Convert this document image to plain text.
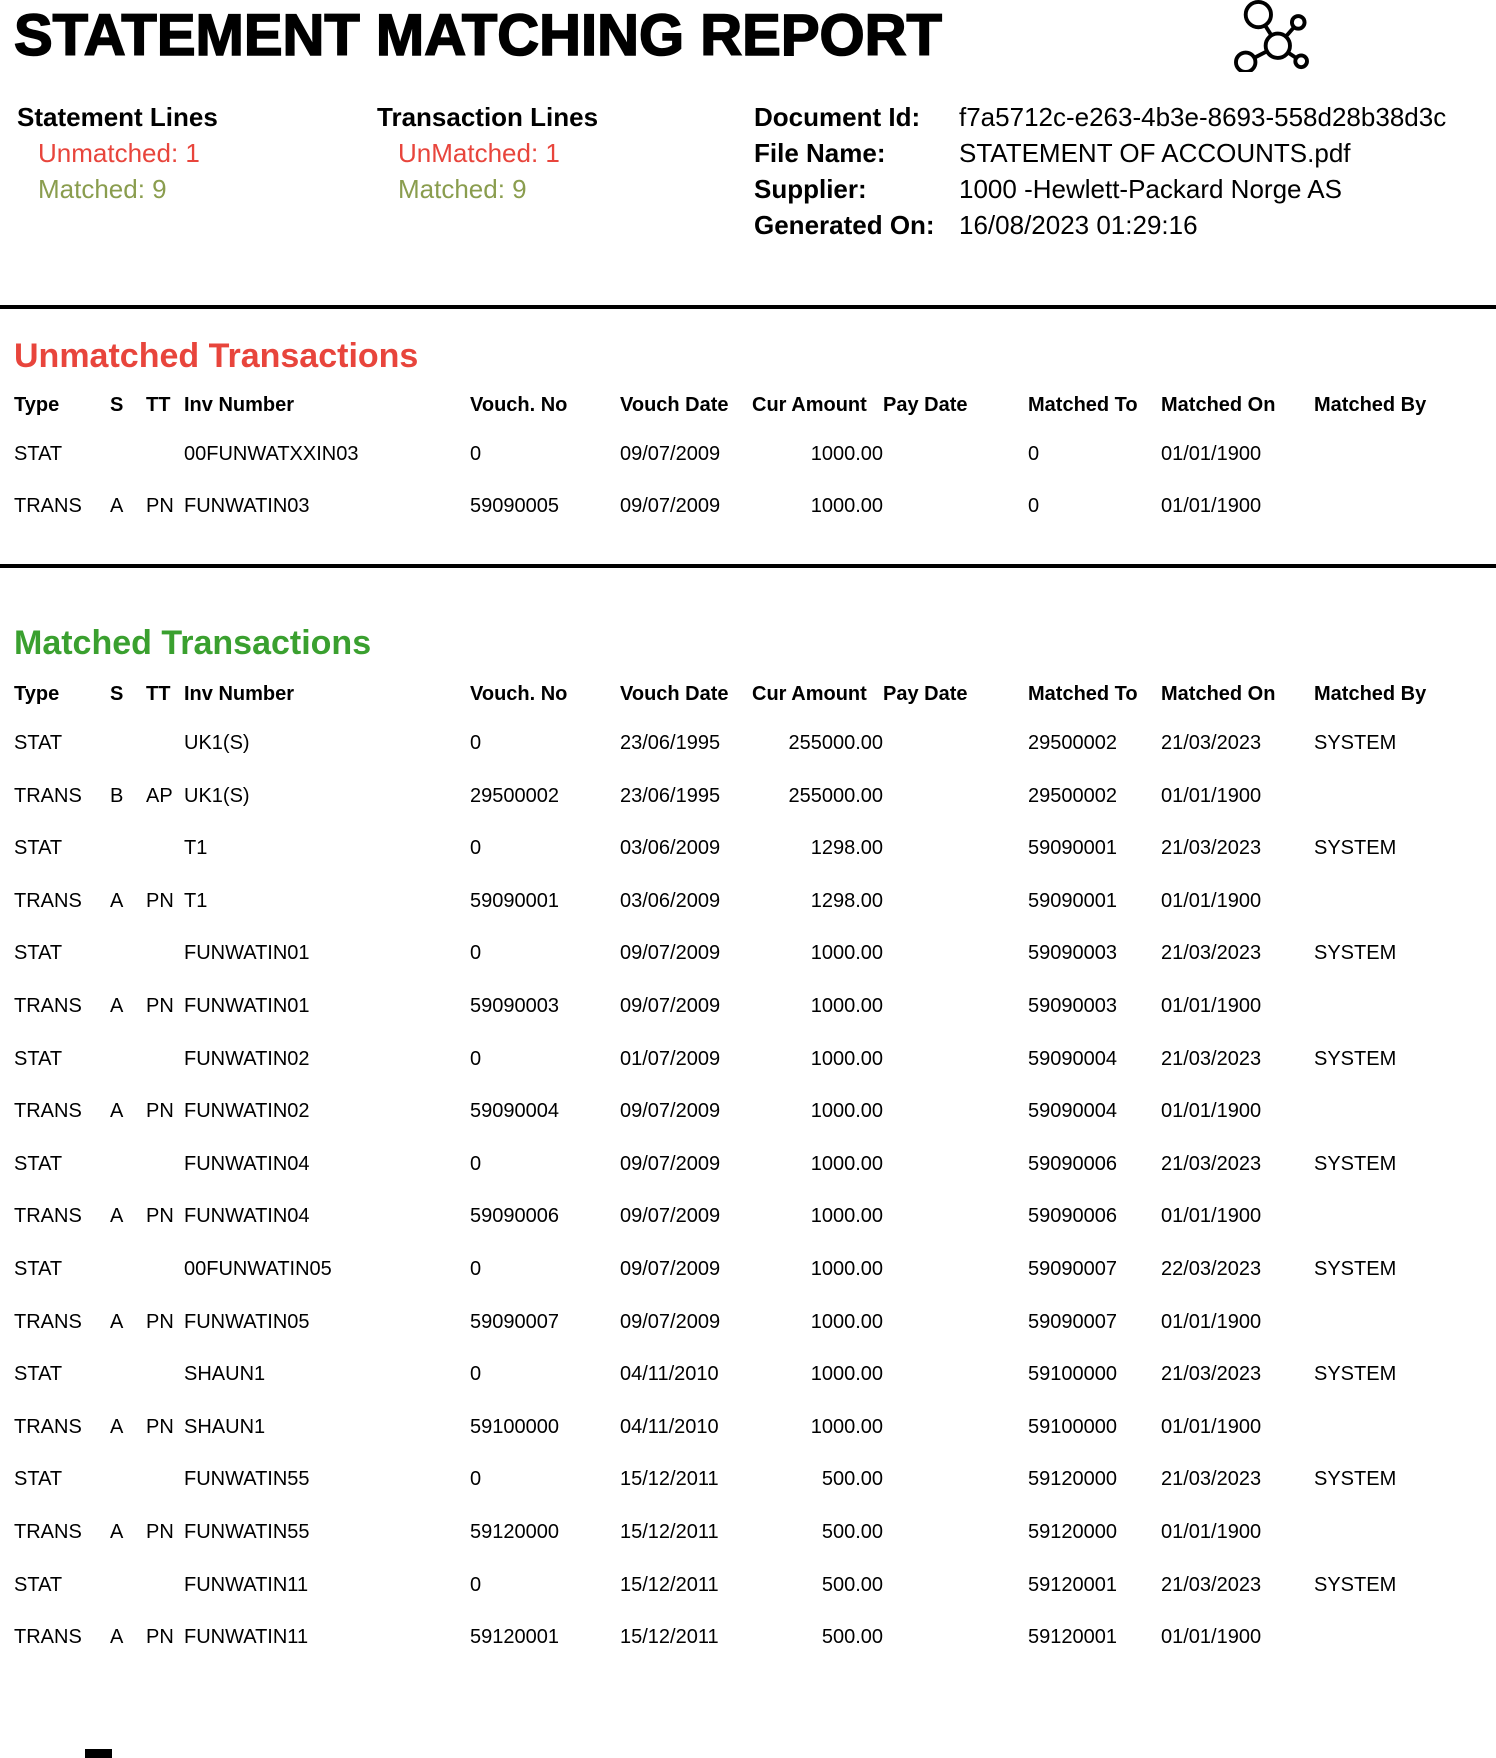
STATEMENT MATCHING REPORT
Statement Lines
Unmatched: 1
Matched: 9
Transaction Lines
UnMatched: 1
Matched: 9
Document Id:	f7a5712c-e263-4b3e-8693-558d28b38d3c
File Name:	STATEMENT OF ACCOUNTS.pdf
Supplier:	1000 -Hewlett-Packard Norge AS
Generated On: 16/08/2023 01:29:16
Unmatched Transactions
Type	S	TT	Inv Number	Vouch. No	Vouch Date	Cur Amount	Pay Date	Matched To	Matched On	Matched By
STAT			00FUNWATXXIN03	0	09/07/2009	1000.00		0	01/01/1900	
TRANS	A	PN	FUNWATIN03	59090005	09/07/2009	1000.00		0	01/01/1900	
Matched Transactions
Type	S	TT	Inv Number	Vouch. No	Vouch Date	Cur Amount	Pay Date	Matched To	Matched On	Matched By
STAT			UK1(S)	0	23/06/1995	255000.00		29500002	21/03/2023	SYSTEM
TRANS	B	AP	UK1(S)	29500002	23/06/1995	255000.00		29500002	01/01/1900	
STAT			T1	0	03/06/2009	1298.00		59090001	21/03/2023	SYSTEM
TRANS	A	PN	T1	59090001	03/06/2009	1298.00		59090001	01/01/1900	
STAT			FUNWATIN01	0	09/07/2009	1000.00		59090003	21/03/2023	SYSTEM
TRANS	A	PN	FUNWATIN01	59090003	09/07/2009	1000.00		59090003	01/01/1900	
STAT			FUNWATIN02	0	01/07/2009	1000.00		59090004	21/03/2023	SYSTEM
TRANS	A	PN	FUNWATIN02	59090004	09/07/2009	1000.00		59090004	01/01/1900	
STAT			FUNWATIN04	0	09/07/2009	1000.00		59090006	21/03/2023	SYSTEM
TRANS	A	PN	FUNWATIN04	59090006	09/07/2009	1000.00		59090006	01/01/1900	
STAT			00FUNWATIN05	0	09/07/2009	1000.00		59090007	22/03/2023	SYSTEM
TRANS	A	PN	FUNWATIN05	59090007	09/07/2009	1000.00		59090007	01/01/1900	
STAT			SHAUN1	0	04/11/2010	1000.00		59100000	21/03/2023	SYSTEM
TRANS	A	PN	SHAUN1	59100000	04/11/2010	1000.00		59100000	01/01/1900	
STAT			FUNWATIN55	0	15/12/2011	500.00		59120000	21/03/2023	SYSTEM
TRANS	A	PN	FUNWATIN55	59120000	15/12/2011	500.00		59120000	01/01/1900	
STAT			FUNWATIN11	0	15/12/2011	500.00		59120001	21/03/2023	SYSTEM
TRANS	A	PN	FUNWATIN11	59120001	15/12/2011	500.00		59120001	01/01/1900	
